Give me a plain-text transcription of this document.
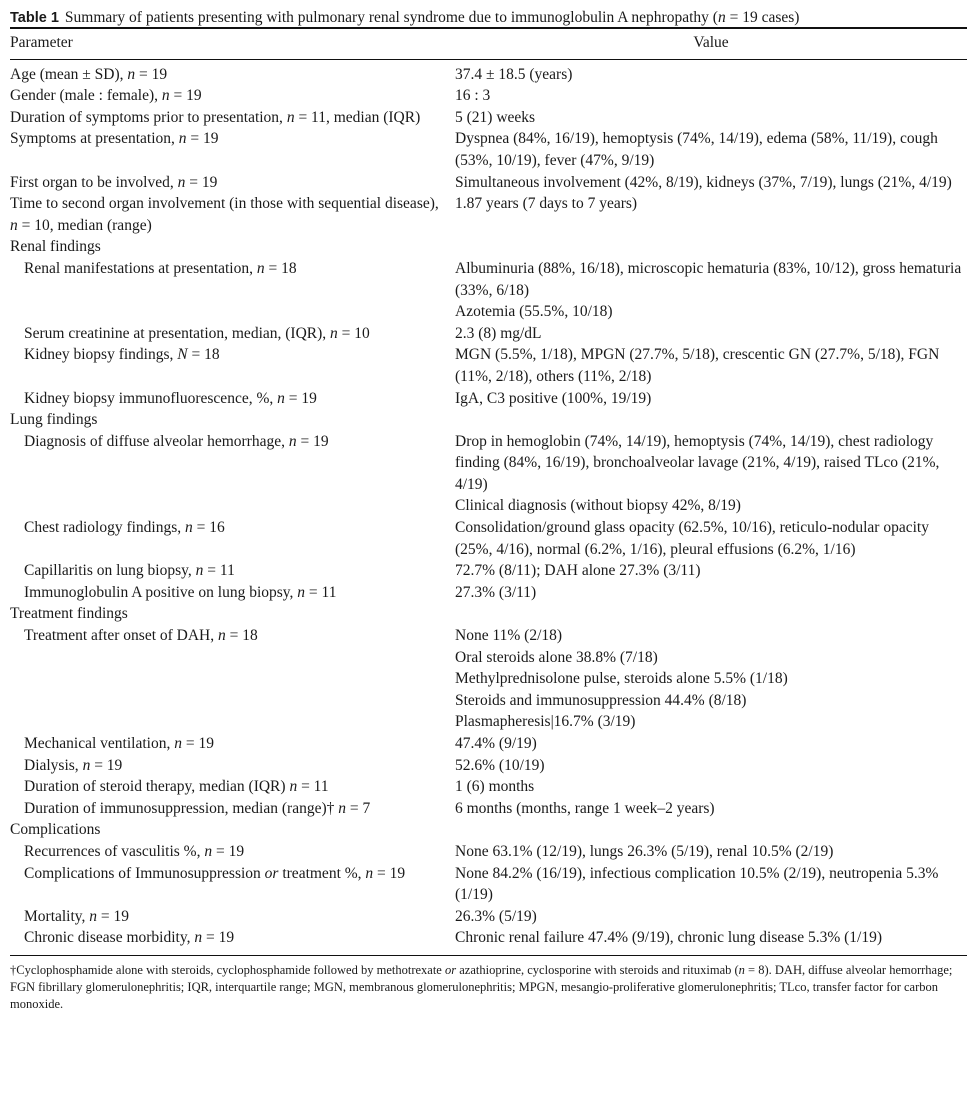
Table 1 Summary of patients presenting with pulmonary renal syndrome due to immunoglobulin A nephropathy (n = 19 cases)
Parameter	Value

Age (mean ± SD), n = 19	37.4 ± 18.5 (years)

Gender (male : female), n = 19	16 : 3

Duration of symptoms prior to presentation, n = 11, median (IQR)	5 (21) weeks

Symptoms at presentation, n = 19	Dyspnea (84%, 16/19), hemoptysis (74%, 14/19), edema (58%, 11/19), cough (53%, 10/19), fever (47%, 9/19)

First organ to be involved, n = 19	Simultaneous involvement (42%, 8/19), kidneys (37%, 7/19), lungs (21%, 4/19)

Time to second organ involvement (in those with sequential disease), n = 10, median (range)	1.87 years (7 days to 7 years)

Renal findings	
Renal manifestations at presentation, n = 18	Albuminuria (88%, 16/18), microscopic hematuria (83%, 10/12), gross hematuria (33%, 6/18)
Azotemia (55.5%, 10/18)

Serum creatinine at presentation, median, (IQR), n = 10	2.3 (8) mg/dL

Kidney biopsy findings, N = 18	MGN (5.5%, 1/18), MPGN (27.7%, 5/18), crescentic GN (27.7%, 5/18), FGN (11%, 2/18), others (11%, 2/18)

Kidney biopsy immunofluorescence, %, n = 19	IgA, C3 positive (100%, 19/19)

Lung findings	
Diagnosis of diffuse alveolar hemorrhage, n = 19	Drop in hemoglobin (74%, 14/19), hemoptysis (74%, 14/19), chest radiology finding (84%, 16/19), bronchoalveolar lavage (21%, 4/19), raised TLco (21%, 4/19)
Clinical diagnosis (without biopsy 42%, 8/19)

Chest radiology findings, n = 16	Consolidation/ground glass opacity (62.5%, 10/16), reticulo-nodular opacity (25%, 4/16), normal (6.2%, 1/16), pleural effusions (6.2%, 1/16)

Capillaritis on lung biopsy, n = 11	72.7% (8/11); DAH alone 27.3% (3/11)

Immunoglobulin A positive on lung biopsy, n = 11	27.3% (3/11)

Treatment findings	
Treatment after onset of DAH, n = 18	None 11% (2/18)
Oral steroids alone 38.8% (7/18)
Methylprednisolone pulse, steroids alone 5.5% (1/18)
Steroids and immunosuppression 44.4% (8/18)
Plasmapheresis|16.7% (3/19)

Mechanical ventilation, n = 19	47.4% (9/19)

Dialysis, n = 19	52.6% (10/19)

Duration of steroid therapy, median (IQR) n = 11	1 (6) months

Duration of immunosuppression, median (range)† n = 7	6 months (months, range 1 week–2 years)

Complications	
Recurrences of vasculitis %, n = 19	None 63.1% (12/19), lungs 26.3% (5/19), renal 10.5% (2/19)

Complications of Immunosuppression or treatment %, n = 19	None 84.2% (16/19), infectious complication 10.5% (2/19), neutropenia 5.3% (1/19)

Mortality, n = 19	26.3% (5/19)

Chronic disease morbidity, n = 19	Chronic renal failure 47.4% (9/19), chronic lung disease 5.3% (1/19)
†Cyclophosphamide alone with steroids, cyclophosphamide followed by methotrexate or azathioprine, cyclosporine with steroids and rituximab (n = 8). DAH, diffuse alveolar hemorrhage; FGN fibrillary glomerulonephritis; IQR, interquartile range; MGN, membranous glomerulonephritis; MPGN, mesangio-proliferative glomerulonephritis; TLco, transfer factor for carbon monoxide.
